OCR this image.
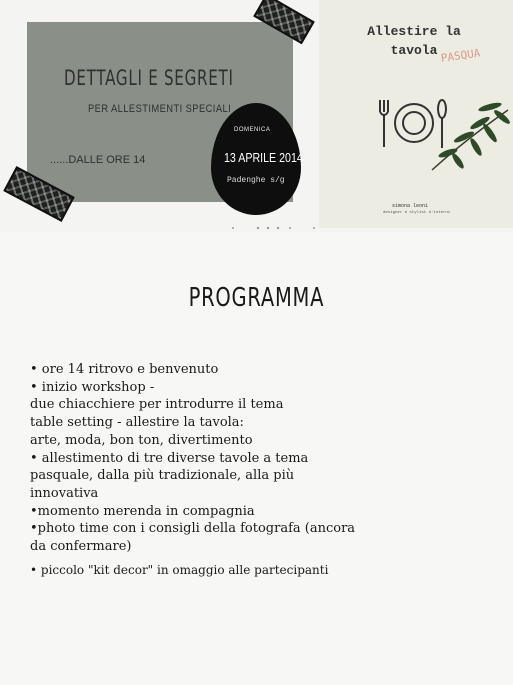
DETTAGLI E SEGRETI
PER ALLESTIMENTI SPECIALI
......DALLE ORE 14
DOMENICA
13 APRILE 2014
Padenghe s/g
Allestire la
tavola PASQUA
simona leoni
designer e stylist d'interni
PROGRAMMA
• ore 14 ritrovo e benvenuto
• inizio workshop -
due chiacchiere per introdurre il tema
table setting - allestire la tavola:
arte, moda, bon ton, divertimento
• allestimento di tre diverse tavole a tema
pasquale, dalla più tradizionale, alla più
innovativa
•momento merenda in compagnia
•photo time con i consigli della fotografa (ancora
da confermare)
• piccolo "kit decor" in omaggio alle partecipanti
